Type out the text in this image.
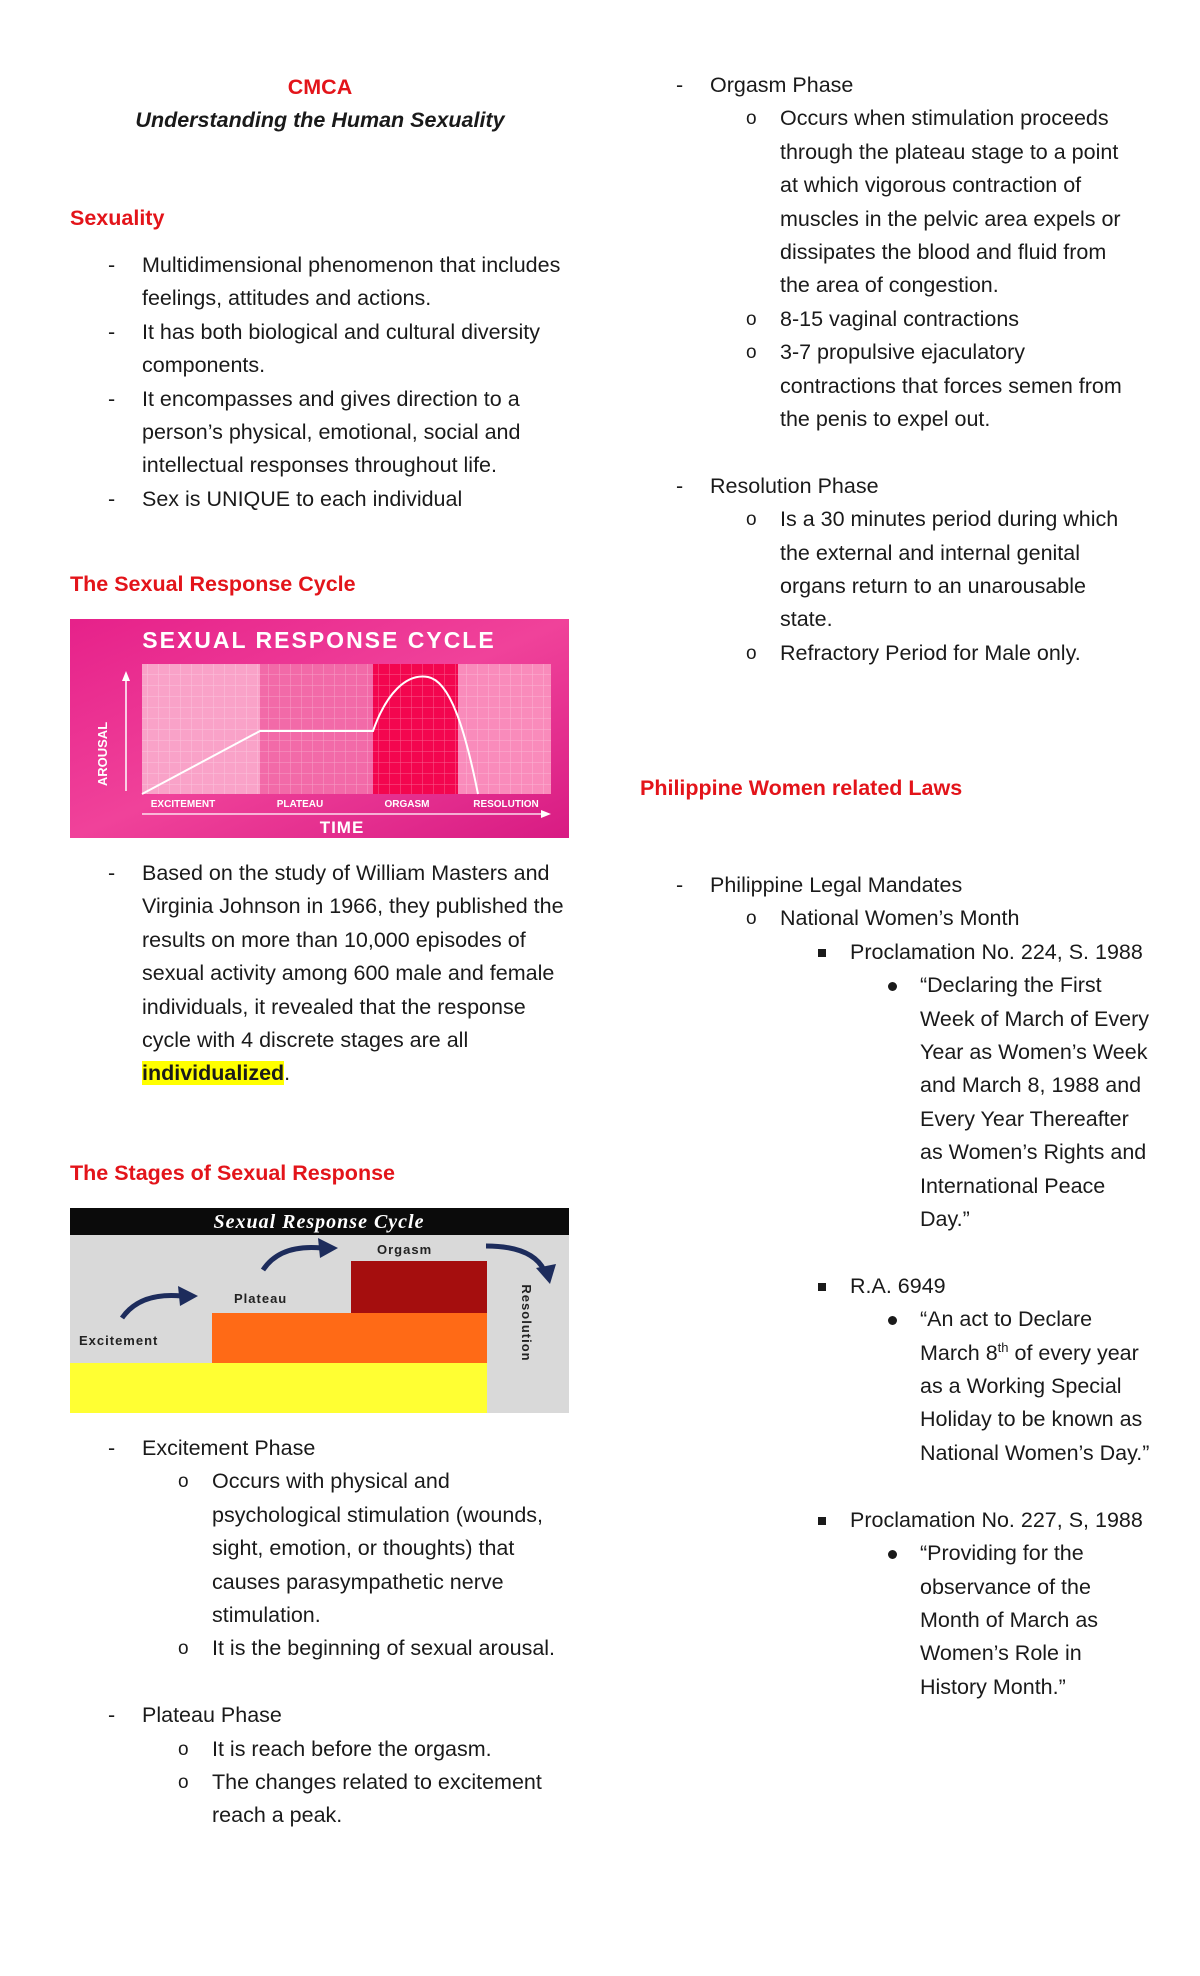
CMCA
Understanding the Human Sexuality
Sexuality
- Multidimensional phenomenon that includes feelings, attitudes and actions.
- It has both biological and cultural diversity components.
- It encompasses and gives direction to a person’s physical, emotional, social and intellectual responses throughout life.
- Sex is UNIQUE to each individual
The Sexual Response Cycle
SEXUAL RESPONSE CYCLE
AROUSAL
EXCITEMENT	PLATEAU	ORGASM	RESOLUTION
TIME
- Based on the study of William Masters and Virginia Johnson in 1966, they published the results on more than 10,000 episodes of sexual activity among 600 male and female individuals, it revealed that the response cycle with 4 discrete stages are all individualized.
The Stages of Sexual Response
Sexual Response Cycle
Excitement
Plateau
Orgasm
Resolution
- Excitement Phase
o Occurs with physical and psychological stimulation (wounds, sight, emotion, or thoughts) that causes parasympathetic nerve stimulation.
o It is the beginning of sexual arousal.
- Plateau Phase
o It is reach before the orgasm.
o The changes related to excitement reach a peak.
- Orgasm Phase
o Occurs when stimulation proceeds through the plateau stage to a point at which vigorous contraction of muscles in the pelvic area expels or dissipates the blood and fluid from the area of congestion.
o 8-15 vaginal contractions
o 3-7 propulsive ejaculatory contractions that forces semen from the penis to expel out.
- Resolution Phase
o Is a 30 minutes period during which the external and internal genital organs return to an unarousable state.
o Refractory Period for Male only.
Philippine Women related Laws
- Philippine Legal Mandates
o National Women’s Month
Proclamation No. 224, S. 1988
“Declaring the First Week of March of Every Year as Women’s Week and March 8, 1988 and Every Year Thereafter as Women’s Rights and International Peace Day.”
R.A. 6949
“An act to Declare March 8th of every year as a Working Special Holiday to be known as National Women’s Day.”
Proclamation No. 227, S, 1988
“Providing for the observance of the Month of March as Women’s Role in History Month.”
